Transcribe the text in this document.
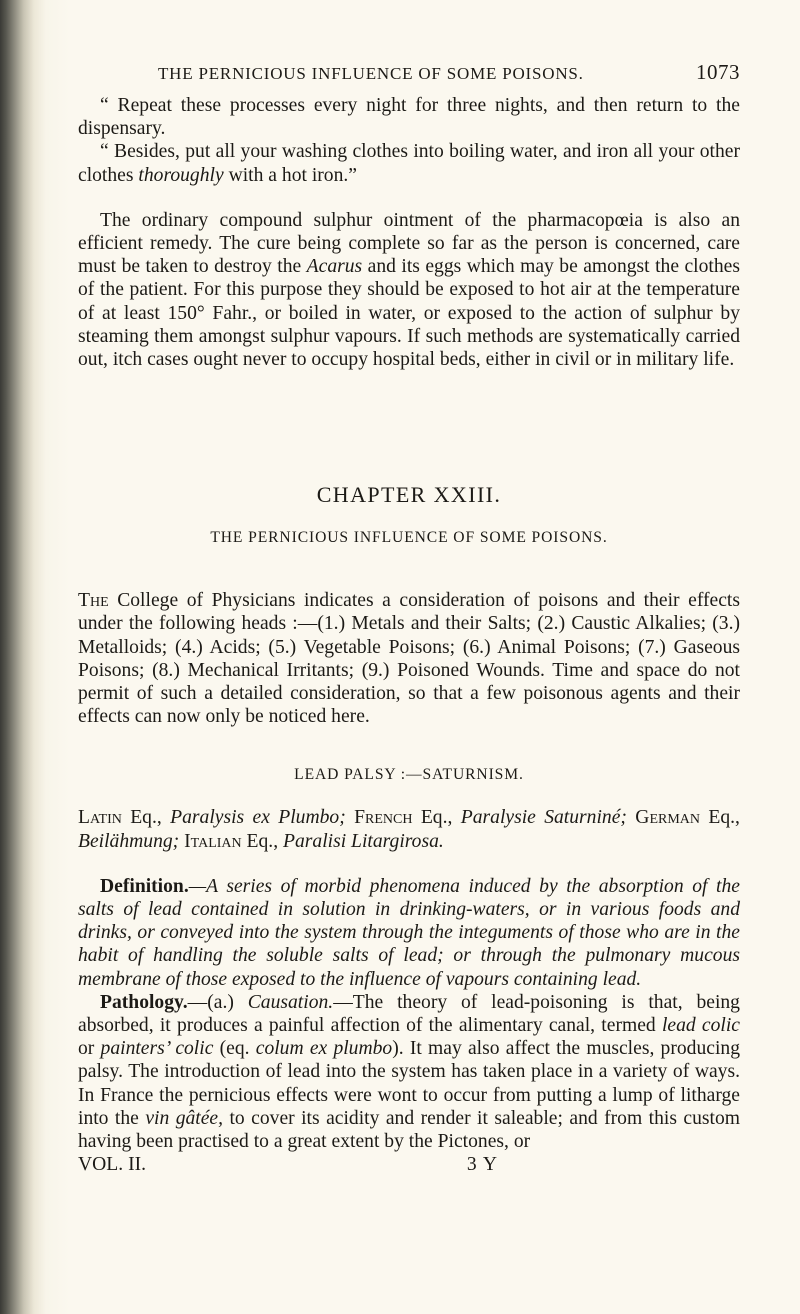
THE PERNICIOUS INFLUENCE OF SOME POISONS.	1073

“ Repeat these processes every night for three nights, and then return to the dispensary.

“ Besides, put all your washing clothes into boiling water, and iron all your other clothes thoroughly with a hot iron.”

The ordinary compound sulphur ointment of the pharmacopœia is also an efficient remedy. The cure being complete so far as the person is concerned, care must be taken to destroy the Acarus and its eggs which may be amongst the clothes of the patient. For this purpose they should be exposed to hot air at the temperature of at least 150° Fahr., or boiled in water, or exposed to the action of sulphur by steaming them amongst sulphur vapours. If such methods are systematically carried out, itch cases ought never to occupy hospital beds, either in civil or in military life.

CHAPTER XXIII.
THE PERNICIOUS INFLUENCE OF SOME POISONS.

The College of Physicians indicates a consideration of poisons and their effects under the following heads :—(1.) Metals and their Salts; (2.) Caustic Alkalies; (3.) Metalloids; (4.) Acids; (5.) Vegetable Poisons; (6.) Animal Poisons; (7.) Gaseous Poisons; (8.) Mechanical Irritants; (9.) Poisoned Wounds. Time and space do not permit of such a detailed consideration, so that a few poisonous agents and their effects can now only be noticed here.

LEAD PALSY :—SATURNISM.

Latin Eq., Paralysis ex Plumbo; French Eq., Paralysie Saturniné; German Eq., Beilähmung; Italian Eq., Paralisi Litargirosa.

Definition.—A series of morbid phenomena induced by the absorption of the salts of lead contained in solution in drinking-waters, or in various foods and drinks, or conveyed into the system through the integuments of those who are in the habit of handling the soluble salts of lead; or through the pulmonary mucous membrane of those exposed to the influence of vapours containing lead.

Pathology.—(a.) Causation.—The theory of lead-poisoning is that, being absorbed, it produces a painful affection of the alimentary canal, termed lead colic or painters’ colic (eq. colum ex plumbo). It may also affect the muscles, producing palsy. The introduction of lead into the system has taken place in a variety of ways. In France the pernicious effects were wont to occur from putting a lump of litharge into the vin gâtée, to cover its acidity and render it saleable; and from this custom having been practised to a great extent by the Pictones, or

VOL. II.	3 Y
